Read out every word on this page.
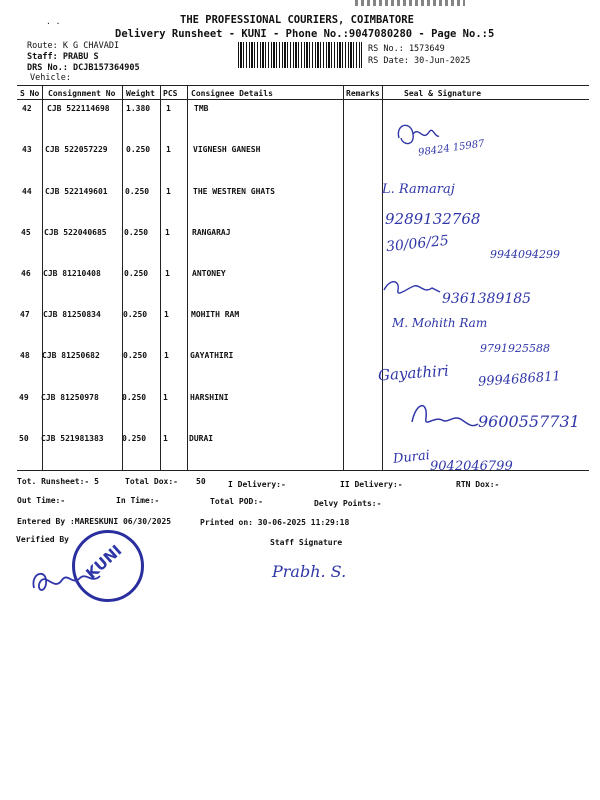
. .	THE PROFESSIONAL COURIERS, COIMBATORE
Delivery Runsheet - KUNI - Phone No.:9047080280 - Page No.:5
Route: K G CHAVADI
Staff: PRABU S
DRS No.: DCJB157364905
Vehicle:
RS No.: 1573649
RS Date: 30-Jun-2025
S No Consignment No Weight PCS Consignee Details	Remarks	Seal & Signature
42 CJB 522114698 1.380 1	TMB
43 CJB 522057229 0.250 1	VIGNESH GANESH
44 CJB 522149601 0.250 1	THE WESTREN GHATS
45 CJB 522040685 0.250 1	RANGARAJ
46 CJB 81210408	0.250 1	ANTONEY
47 CJB 81250834	0.250 1	MOHITH RAM
48 CJB 81250682	0.250 1	GAYATHIRI
49 CJB 81250978	0.250 1	HARSHINI
50 CJB 521981383 0.250 1	DURAI
98424 15987
L. Ramaraj
9289132768
30/06/25	9944094299
9361389185
M. Mohith Ram
9791925588
Gayathiri 9994686811
9600557731
Durai 9042046799
Tot. Runsheet:- 5	Total Dox:- 50	I Delivery:-	II Delivery:-	RTN Dox:-
Out Time:-	In Time:-	Total POD:-	Delvy Points:-
Entered By :MARESKUNI 06/30/2025	Printed on: 30-06-2025 11:29:18
Verified By	Staff Signature
KUNI	Prabh. S.
